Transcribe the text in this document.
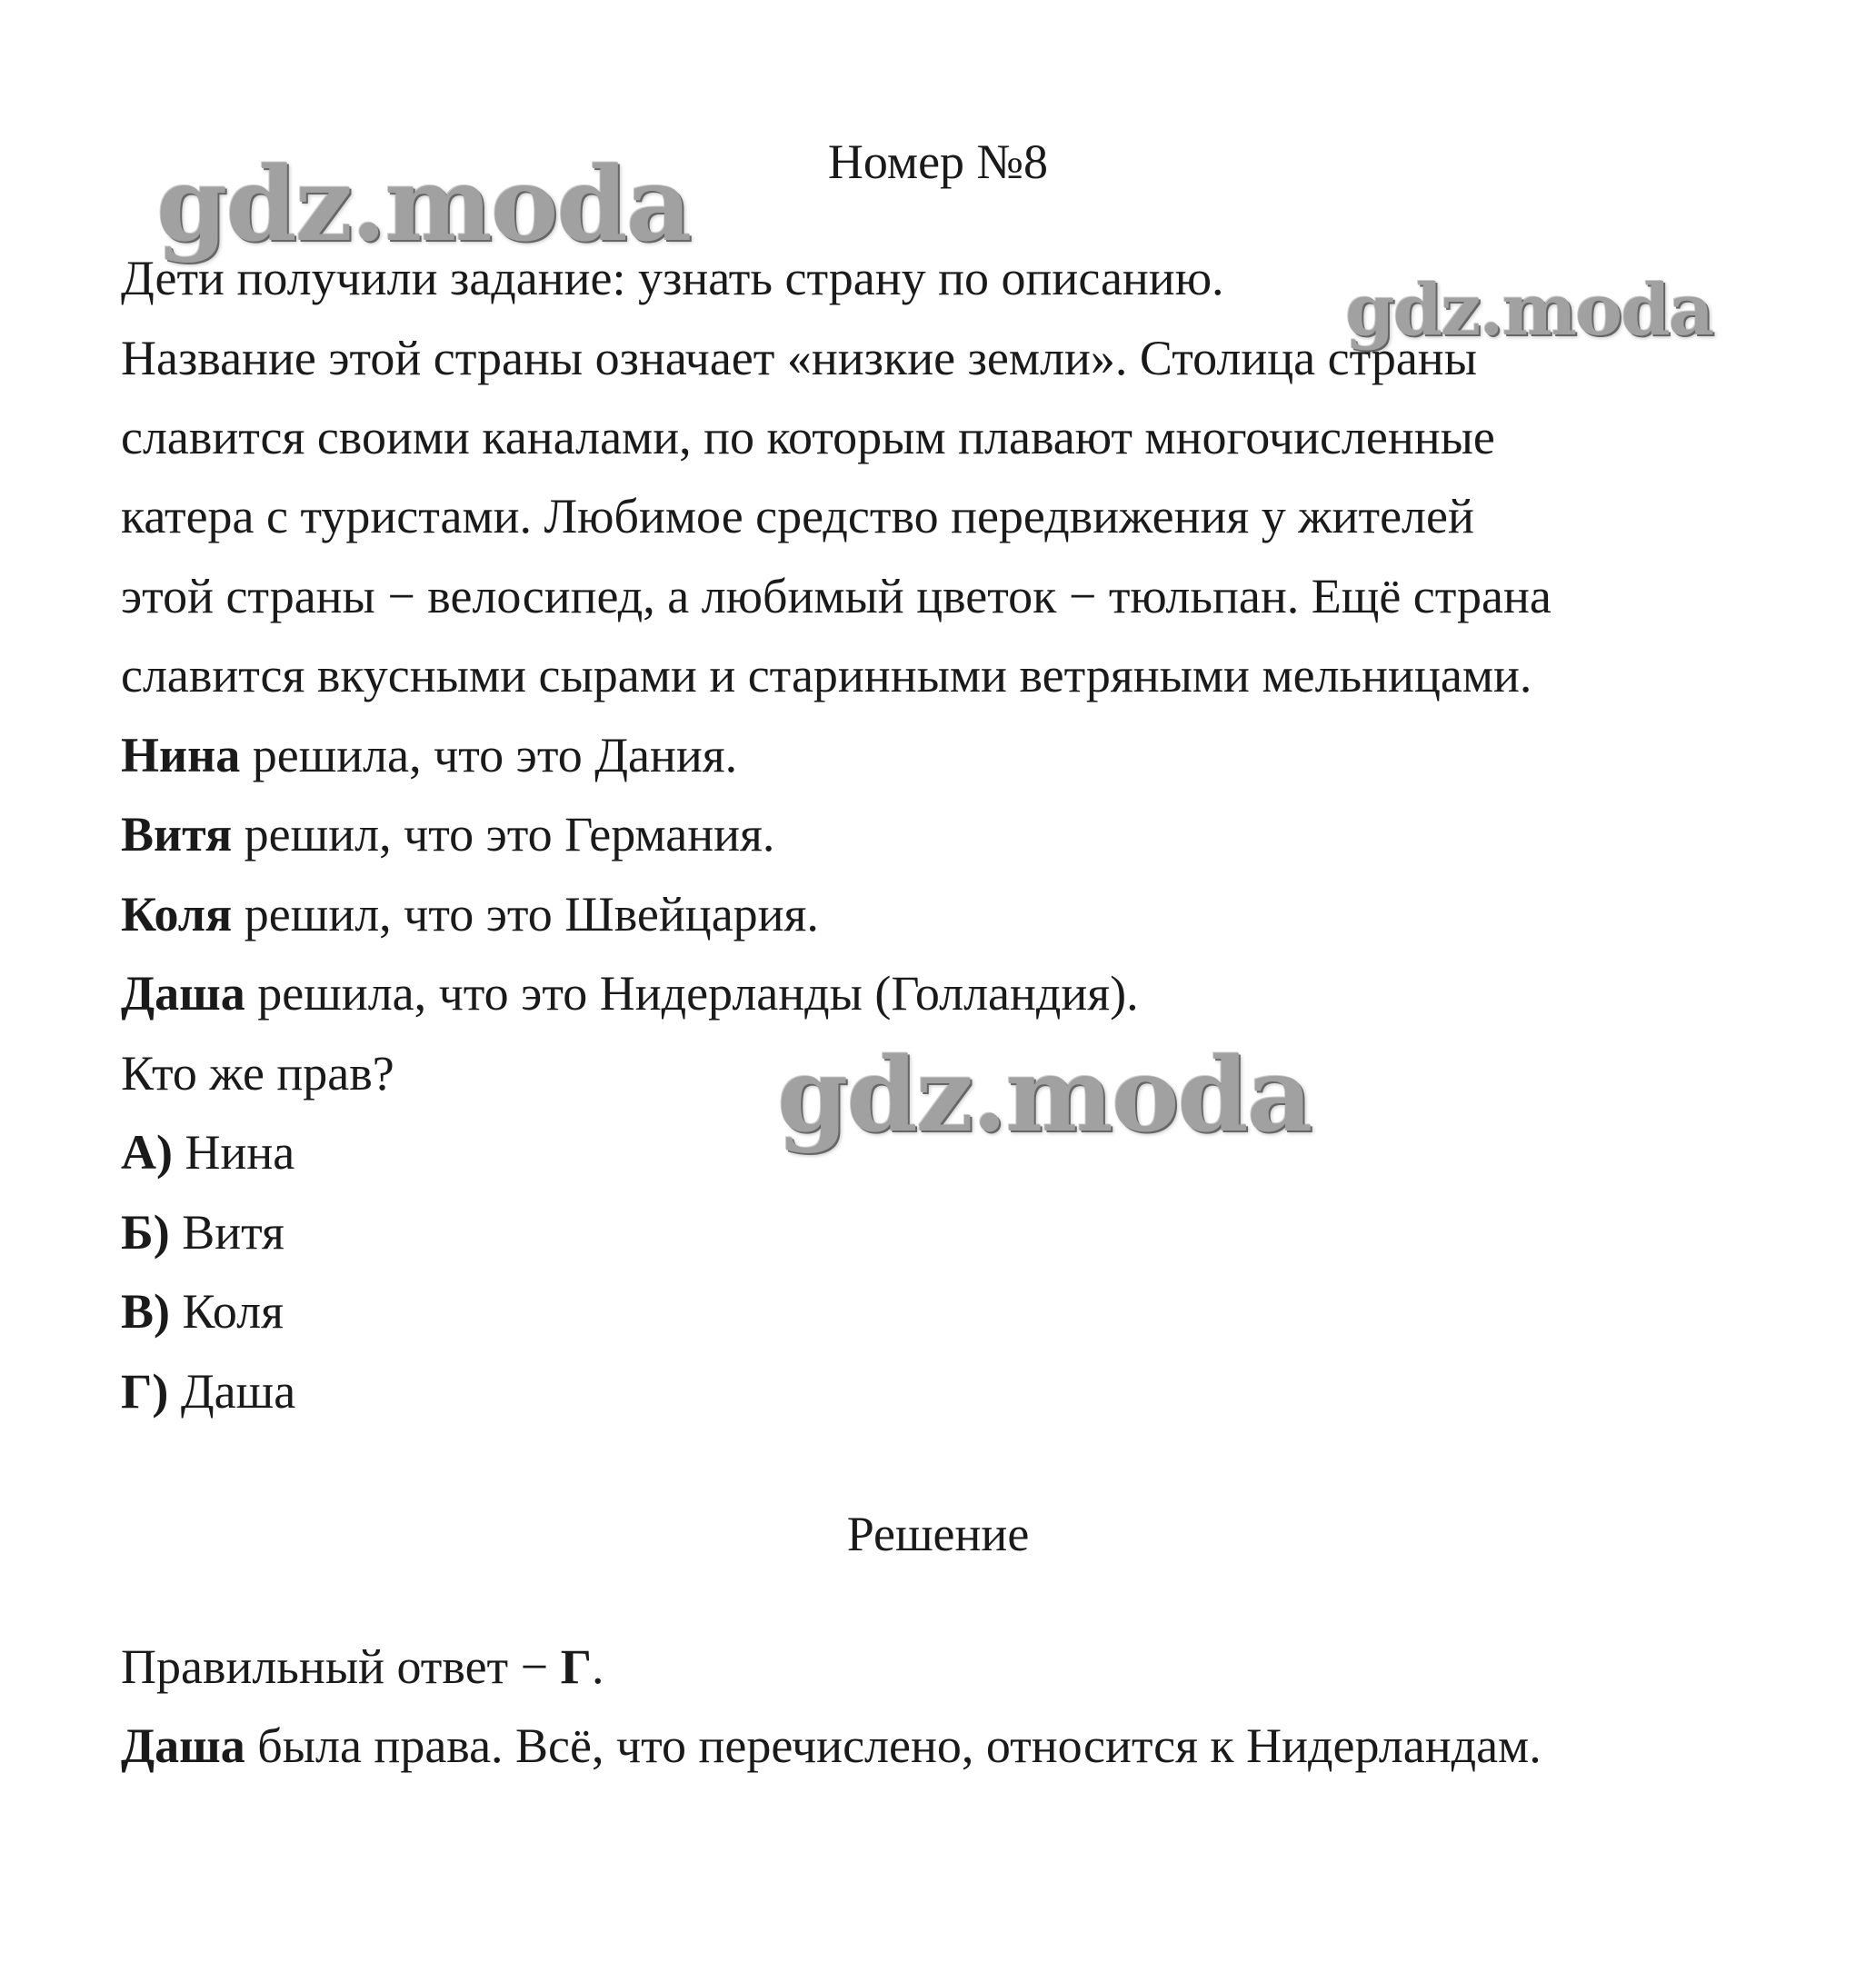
gdz.moda
gdz.moda
gdz.moda
Номер №8
Дети получили задание: узнать страну по описанию.
Название этой страны означает «низкие земли». Столица страны
славится своими каналами, по которым плавают многочисленные
катера с туристами. Любимое средство передвижения у жителей
этой страны − велосипед, а любимый цветок − тюльпан. Ещё страна
славится вкусными сырами и старинными ветряными мельницами.
Нина решила, что это Дания.
Витя решил, что это Германия.
Коля решил, что это Швейцария.
Даша решила, что это Нидерланды (Голландия).
Кто же прав?
А) Нина
Б) Витя
В) Коля
Г) Даша
Решение
Правильный ответ − Г.
Даша была права. Всё, что перечислено, относится к Нидерландам.
